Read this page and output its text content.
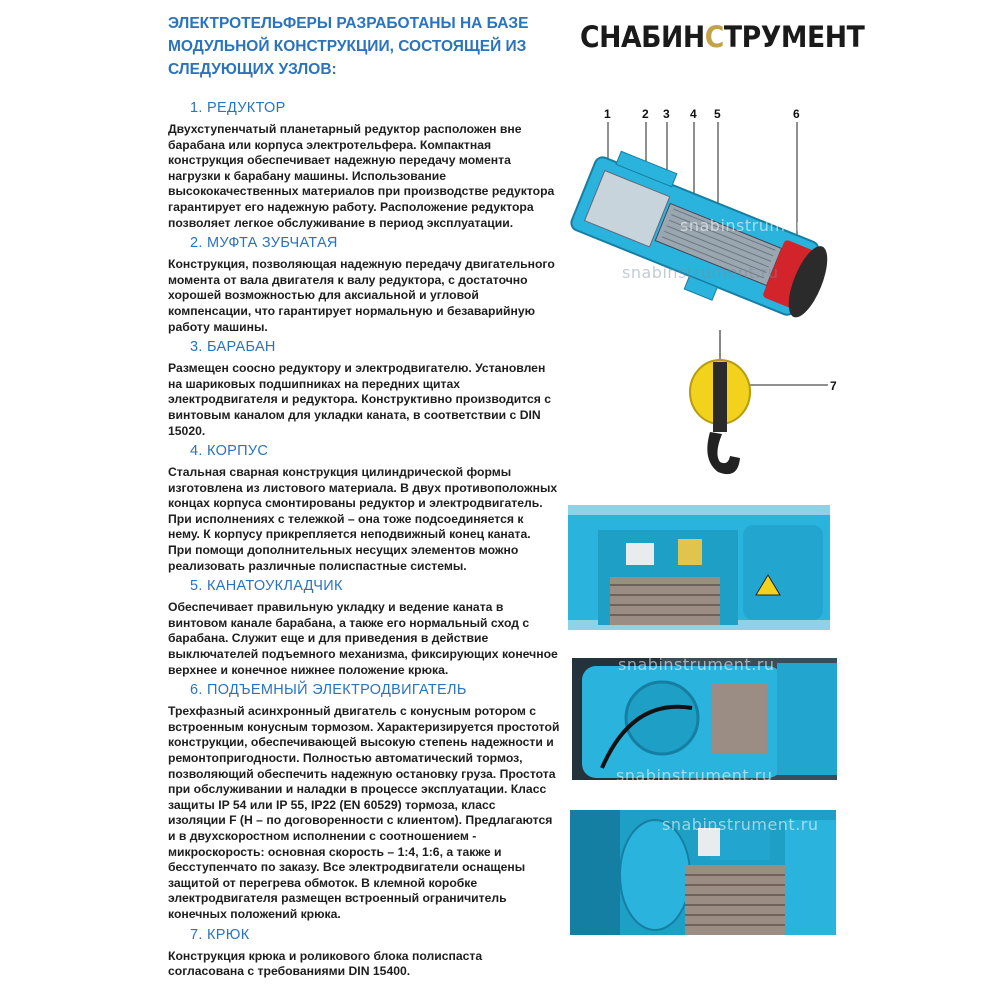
ЭЛЕКТРОТЕЛЬФЕРЫ РАЗРАБОТАНЫ НА БАЗЕ
МОДУЛЬНОЙ КОНСТРУКЦИИ, СОСТОЯЩЕЙ ИЗ
СЛЕДУЮЩИХ УЗЛОВ:
СНАБИНСТРУМЕНТ
1. РЕДУКТОР

Двухступенчатый планетарный редуктор расположен вне
барабана или корпуса электротельфера. Компактная
конструкция обеспечивает надежную передачу момента
нагрузки к барабану машины. Использование
высококачественных материалов при производстве редуктора
гарантирует его надежную работу. Расположение редуктора
позволяет легкое обслуживание в период эксплуатации.

2. МУФТА ЗУБЧАТАЯ

Конструкция, позволяющая надежную передачу двигательного
момента от вала двигателя к валу редуктора, с достаточно
хорошей возможностью для аксиальной и угловой
компенсации, что гарантирует нормальную и безаварийную
работу машины.

3. БАРАБАН

Размещен соосно редуктору и электродвигателю. Установлен
на шариковых подшипниках на передних щитах
электродвигателя и редуктора. Конструктивно производится с
винтовым каналом для укладки каната, в соответствии с DIN
15020.

4. КОРПУС

Стальная сварная конструкция цилиндрической формы
изготовлена из листового материала. В двух противоположных
концах корпуса смонтированы редуктор и электродвигатель.
При исполнениях с тележкой – она тоже подсоединяется к
нему. К корпусу прикрепляется неподвижный конец каната.
При помощи дополнительных несущих элементов можно
реализовать различные полиспастные системы.

5. КАНАТОУКЛАДЧИК

Обеспечивает правильную укладку и ведение каната в
винтовом канале барабана, а также его нормальный сход с
барабана. Служит еще и для приведения в действие
выключателей подъемного механизма, фиксирующих конечное
верхнее и конечное нижнее положение крюка.

6. ПОДЪЕМНЫЙ ЭЛЕКТРОДВИГАТЕЛЬ

Трехфазный асинхронный двигатель с конусным ротором с
встроенным конусным тормозом. Характеризируется простотой
конструкции, обеспечивающей высокую степень надежности и
ремонтопригодности. Полностью автоматический тормоз,
позволяющий обеспечить надежную остановку груза. Простота
при обслуживании и наладки в процессе эксплуатации. Класс
защиты IP 54 или IP 55, IP22 (EN 60529) тормоза, класс
изоляции F (H – по договоренности с клиентом). Предлагаются
и в двухскоростном исполнении с соотношением -
микроскорость: основная скорость – 1:4, 1:6, а также и
бесступенчато по заказу. Все электродвигатели оснащены
защитой от перегрева обмоток. В клемной коробке
электродвигателя размещен встроенный ограничитель
конечных положений крюка.

7. КРЮК

Конструкция крюка и роликового блока полиспаста
согласована с требованиями DIN 15400.

1	2 3 4 5	6
7
snabinstrument.ru
snabinstrument.ru
snabinstrument.ru
snabinstrument.ru
snabinstrument.ru
